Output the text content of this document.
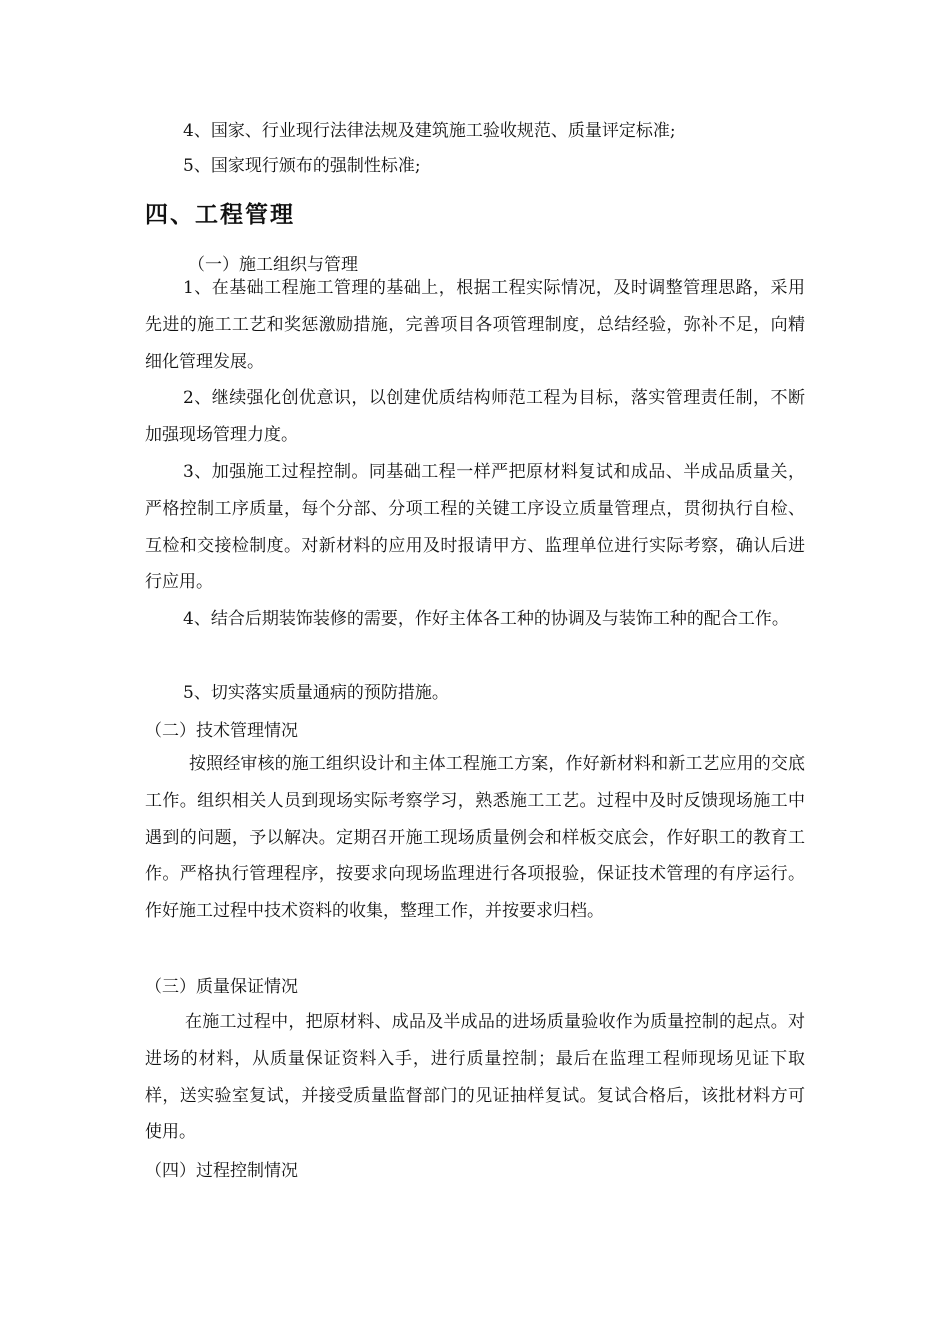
4、国家、行业现行法律法规及建筑施工验收规范、质量评定标准;

5、国家现行颁布的强制性标准;

四、工程管理

（一）施工组织与管理

1、在基础工程施工管理的基础上，根据工程实际情况，及时调整管理思路，采用先进的施工工艺和奖惩激励措施，完善项目各项管理制度，总结经验，弥补不足，向精细化管理发展。

2、继续强化创优意识，以创建优质结构师范工程为目标，落实管理责任制，不断加强现场管理力度。

3、加强施工过程控制。同基础工程一样严把原材料复试和成品、半成品质量关，严格控制工序质量，每个分部、分项工程的关键工序设立质量管理点，贯彻执行自检、互检和交接检制度。对新材料的应用及时报请甲方、监理单位进行实际考察，确认后进行应用。

4、结合后期装饰装修的需要，作好主体各工种的协调及与装饰工种的配合工作。

5、切实落实质量通病的预防措施。

（二）技术管理情况

按照经审核的施工组织设计和主体工程施工方案，作好新材料和新工艺应用的交底工作。组织相关人员到现场实际考察学习，熟悉施工工艺。过程中及时反馈现场施工中遇到的问题，予以解决。定期召开施工现场质量例会和样板交底会，作好职工的教育工作。严格执行管理程序，按要求向现场监理进行各项报验，保证技术管理的有序运行。作好施工过程中技术资料的收集，整理工作，并按要求归档。

（三）质量保证情况

在施工过程中，把原材料、成品及半成品的进场质量验收作为质量控制的起点。对进场的材料，从质量保证资料入手，进行质量控制；最后在监理工程师现场见证下取样，送实验室复试，并接受质量监督部门的见证抽样复试。复试合格后，该批材料方可使用。

（四）过程控制情况
